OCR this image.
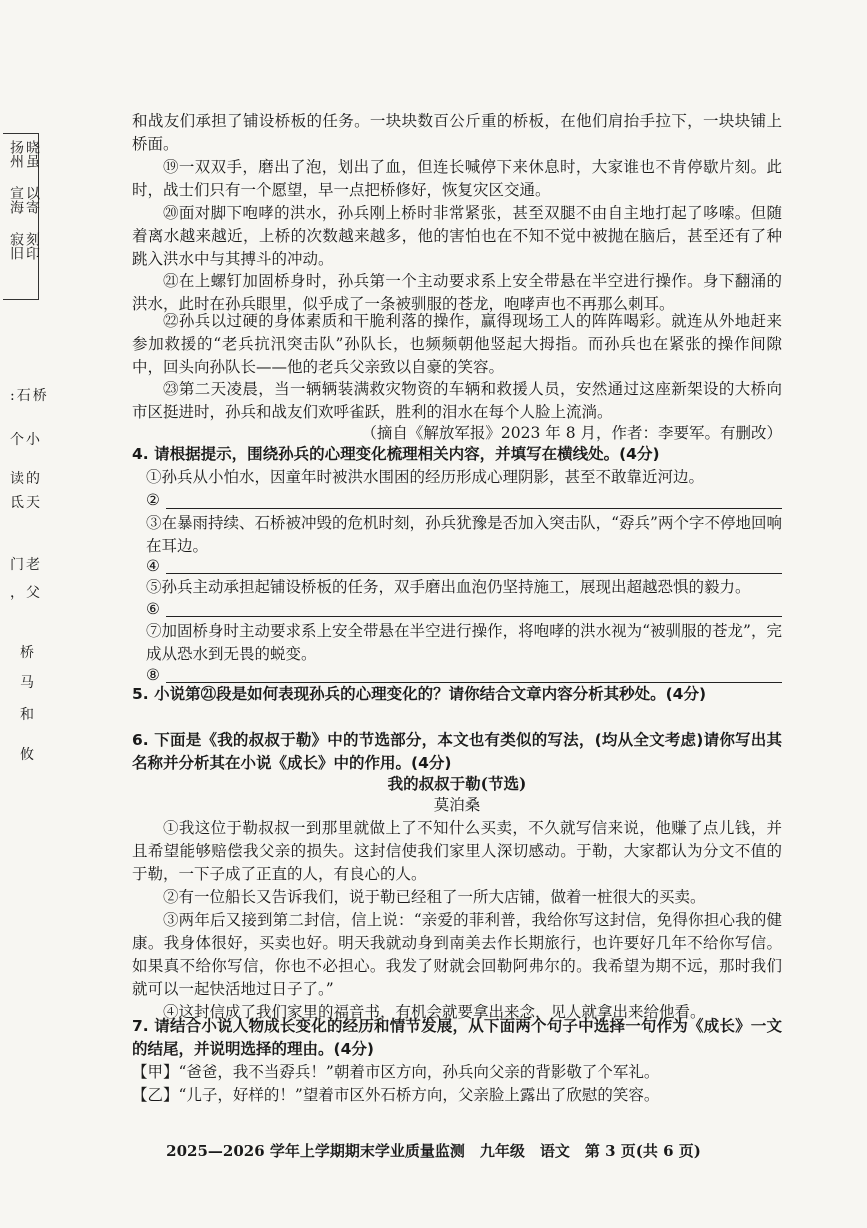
扬州
宣海
寂旧
晓虽
以寄
刻印
:石桥
个小
读的
氐天
门老
，父
桥
马
和
攸
和战友们承担了铺设桥板的任务。一块块数百公斤重的桥板，在他们肩抬手拉下，一块块铺上桥面。
⑲一双双手，磨出了泡，划出了血，但连长喊停下来休息时，大家谁也不肯停歇片刻。此时，战士们只有一个愿望，早一点把桥修好，恢复灾区交通。
⑳面对脚下咆哮的洪水，孙兵刚上桥时非常紧张，甚至双腿不由自主地打起了哆嗦。但随着离水越来越近，上桥的次数越来越多，他的害怕也在不知不觉中被抛在脑后，甚至还有了种跳入洪水中与其搏斗的冲动。
㉑在上螺钉加固桥身时，孙兵第一个主动要求系上安全带悬在半空进行操作。身下翻涌的洪水，此时在孙兵眼里，似乎成了一条被驯服的苍龙，咆哮声也不再那么刺耳。
㉒孙兵以过硬的身体素质和干脆利落的操作，赢得现场工人的阵阵喝彩。就连从外地赶来参加救援的“老兵抗汛突击队”孙队长，也频频朝他竖起大拇指。而孙兵也在紧张的操作间隙中，回头向孙队长——他的老兵父亲致以自豪的笑容。
㉓第二天凌晨，当一辆辆装满救灾物资的车辆和救援人员，安然通过这座新架设的大桥向市区挺进时，孙兵和战友们欢呼雀跃，胜利的泪水在每个人脸上流淌。
（摘自《解放军报》2023 年 8 月，作者：李要军。有删改）
4. 请根据提示，围绕孙兵的心理变化梳理相关内容，并填写在横线处。(4分)
①孙兵从小怕水，因童年时被洪水围困的经历形成心理阴影，甚至不敢靠近河边。
②
③在暴雨持续、石桥被冲毁的危机时刻，孙兵犹豫是否加入突击队，“孬兵”两个字不停地回响在耳边。
④
⑤孙兵主动承担起铺设桥板的任务，双手磨出血泡仍坚持施工，展现出超越恐惧的毅力。
⑥
⑦加固桥身时主动要求系上安全带悬在半空进行操作，将咆哮的洪水视为“被驯服的苍龙”，完成从恐水到无畏的蜕变。
⑧
5. 小说第㉑段是如何表现孙兵的心理变化的？请你结合文章内容分析其秒处。(4分)
6. 下面是《我的叔叔于勒》中的节选部分，本文也有类似的写法，(均从全文考虑)请你写出其名称并分析其在小说《成长》中的作用。(4分)
我的叔叔于勒(节选)
莫泊桑
①我这位于勒叔叔一到那里就做上了不知什么买卖，不久就写信来说，他赚了点儿钱，并且希望能够赔偿我父亲的损失。这封信使我们家里人深切感动。于勒，大家都认为分文不值的于勒，一下子成了正直的人，有良心的人。
②有一位船长又告诉我们，说于勒已经租了一所大店铺，做着一桩很大的买卖。
③两年后又接到第二封信，信上说：“亲爱的菲利普，我给你写这封信，免得你担心我的健康。我身体很好，买卖也好。明天我就动身到南美去作长期旅行，也许要好几年不给你写信。如果真不给你写信，你也不必担心。我发了财就会回勒阿弗尔的。我希望为期不远，那时我们就可以一起快活地过日子了。”
④这封信成了我们家里的福音书，有机会就要拿出来念，见人就拿出来给他看。
7. 请结合小说人物成长变化的经历和情节发展，从下面两个句子中选择一句作为《成长》一文的结尾，并说明选择的理由。(4分)
【甲】“爸爸，我不当孬兵！”朝着市区方向，孙兵向父亲的背影敬了个军礼。
【乙】“儿子，好样的！”望着市区外石桥方向，父亲脸上露出了欣慰的笑容。
2025—2026 学年上学期期末学业质量监测　九年级　语文　第 3 页(共 6 页)
